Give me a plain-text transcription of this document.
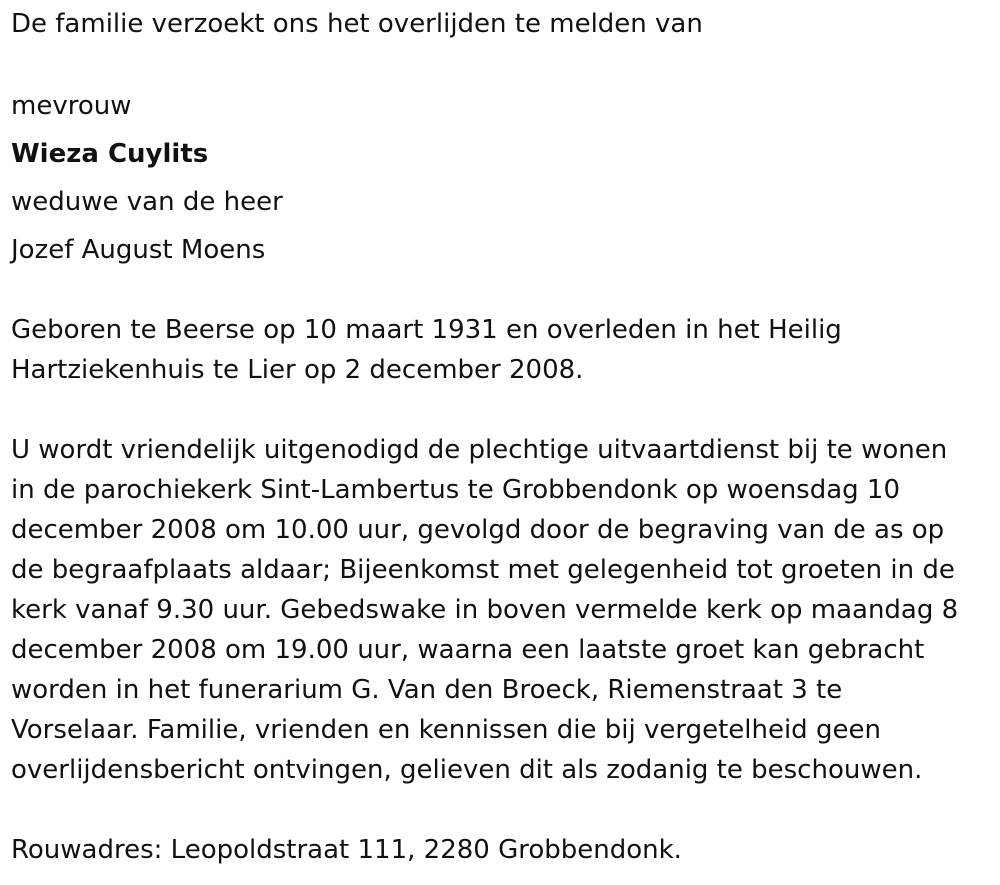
De familie verzoekt ons het overlijden te melden van

mevrouw

Wieza Cuylits

weduwe van de heer

Jozef August Moens

Geboren te Beerse op 10 maart 1931 en overleden in het Heilig

Hartziekenhuis te Lier op 2 december 2008.

U wordt vriendelijk uitgenodigd de plechtige uitvaartdienst bij te wonen

in de parochiekerk Sint-Lambertus te Grobbendonk op woensdag 10

december 2008 om 10.00 uur, gevolgd door de begraving van de as op

de begraafplaats aldaar; Bijeenkomst met gelegenheid tot groeten in de

kerk vanaf 9.30 uur. Gebedswake in boven vermelde kerk op maandag 8

december 2008 om 19.00 uur, waarna een laatste groet kan gebracht

worden in het funerarium G. Van den Broeck, Riemenstraat 3 te

Vorselaar. Familie, vrienden en kennissen die bij vergetelheid geen

overlijdensbericht ontvingen, gelieven dit als zodanig te beschouwen.

Rouwadres: Leopoldstraat 111, 2280 Grobbendonk.
